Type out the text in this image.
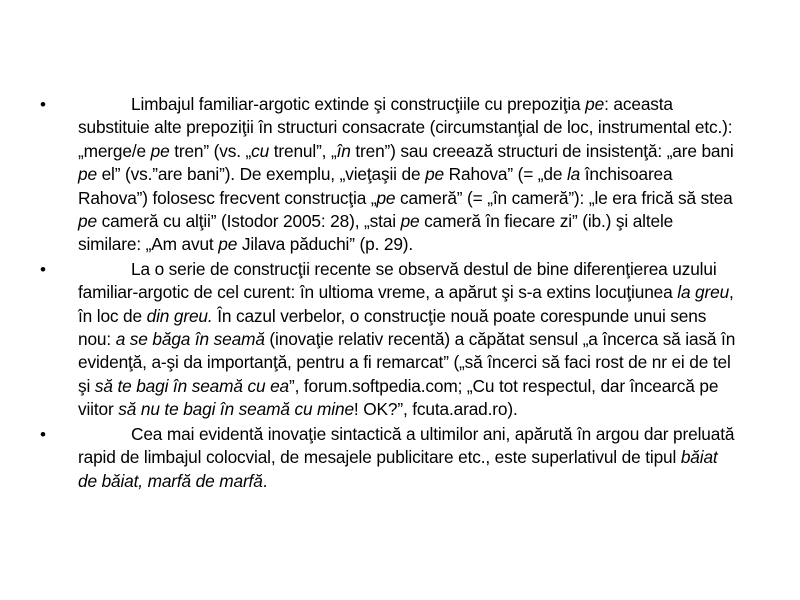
•	Limbajul familiar-argotic extinde şi construcţiile cu prepoziţia pe: aceasta substituie alte prepoziţii în structuri consacrate (circumstanţial de loc, instrumental etc.): „merge/e pe tren” (vs. „cu trenul”, „în tren”) sau creează structuri de insistenţă: „are bani pe el” (vs.”are bani”). De exemplu, „vieţaşii de pe Rahova” (= „de la închisoarea Rahova”) folosesc frecvent construcţia „pe cameră” (= „în cameră”): „le era frică să stea pe cameră cu alţii” (Istodor 2005: 28), „stai pe cameră în fiecare zi” (ib.) şi altele similare: „Am avut pe Jilava păduchi” (p. 29).
•	La o serie de construcţii recente se observă destul de bine diferenţierea uzului familiar-argotic de cel curent: în ultioma vreme, a apărut şi s-a extins locuţiunea la greu, în loc de din greu. În cazul verbelor, o construcţie nouă poate corespunde unui sens nou: a se băga în seamă (inovaţie relativ recentă) a căpătat sensul „a încerca să iasă în evidenţă, a-şi da importanţă, pentru a fi remarcat” („să încerci să faci rost de nr ei de tel şi să te bagi în seamă cu ea”, forum.softpedia.com; „Cu tot respectul, dar încearcă pe viitor să nu te bagi în seamă cu mine! OK?”, fcuta.arad.ro).
•	Cea mai evidentă inovaţie sintactică a ultimilor ani, apărută în argou dar preluată rapid de limbajul colocvial, de mesajele publicitare etc., este superlativul de tipul băiat de băiat, marfă de marfă.
